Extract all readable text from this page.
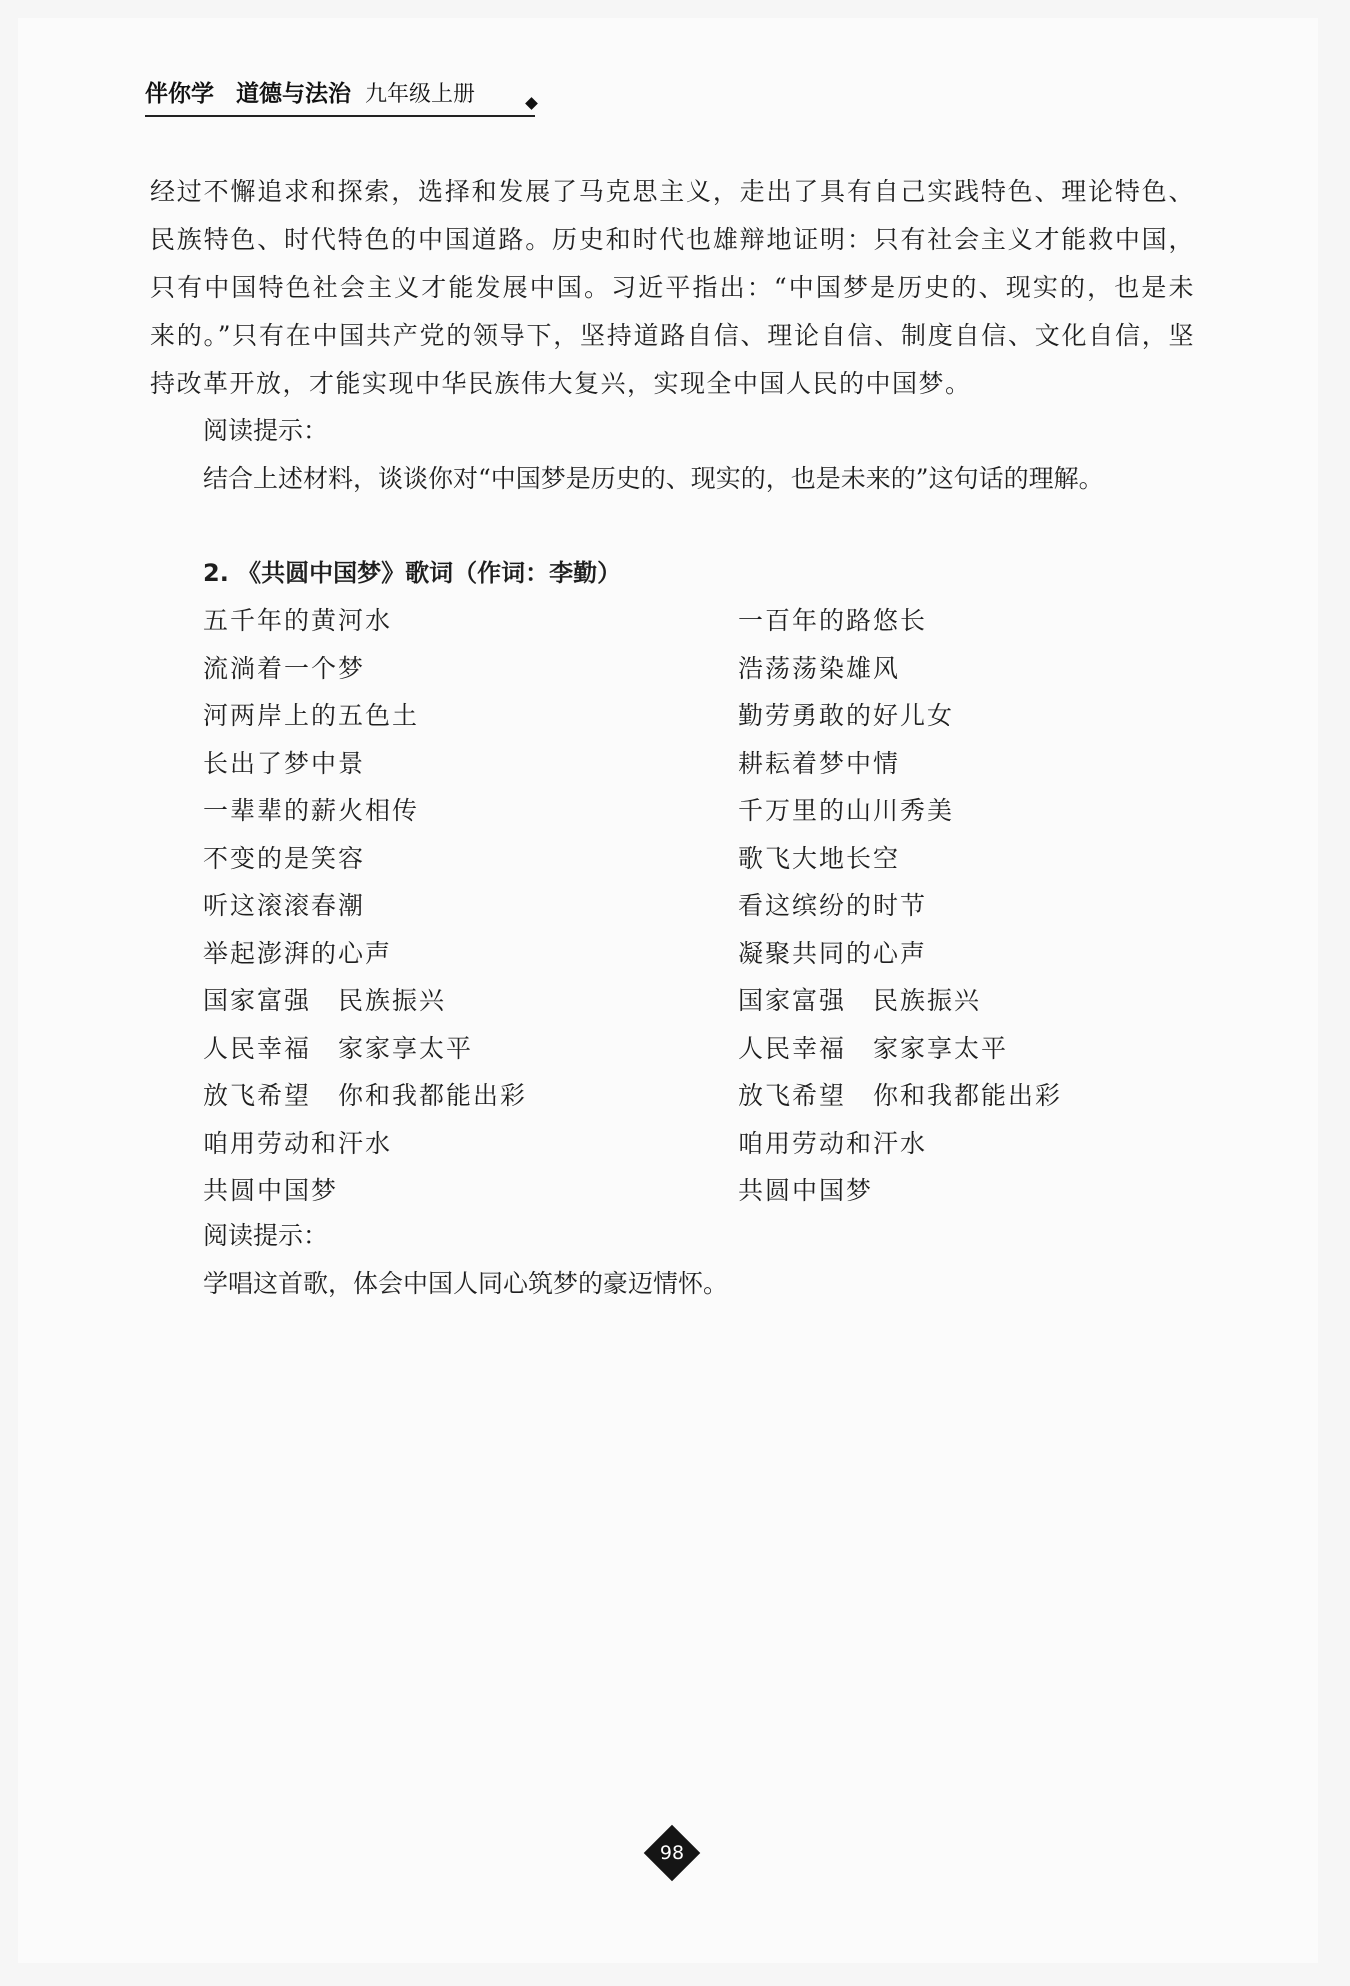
伴你学 道德与法治 九年级上册
经过不懈追求和探索，选择和发展了马克思主义，走出了具有自己实践特色、理论特色、民族特色、时代特色的中国道路。历史和时代也雄辩地证明：只有社会主义才能救中国，只有中国特色社会主义才能发展中国。习近平指出：“中国梦是历史的、现实的，也是未来的。”只有在中国共产党的领导下，坚持道路自信、理论自信、制度自信、文化自信，坚持改革开放，才能实现中华民族伟大复兴，实现全中国人民的中国梦。
阅读提示：
结合上述材料，谈谈你对“中国梦是历史的、现实的，也是未来的”这句话的理解。
2. 《共圆中国梦》歌词（作词：李勤）
五千年的黄河水
流淌着一个梦
河两岸上的五色土
长出了梦中景
一辈辈的薪火相传
不变的是笑容
听这滚滚春潮
举起澎湃的心声
国家富强　民族振兴
人民幸福　家家享太平
放飞希望　你和我都能出彩
咱用劳动和汗水
共圆中国梦
一百年的路悠长
浩荡荡染雄风
勤劳勇敢的好儿女
耕耘着梦中情
千万里的山川秀美
歌飞大地长空
看这缤纷的时节
凝聚共同的心声
国家富强　民族振兴
人民幸福　家家享太平
放飞希望　你和我都能出彩
咱用劳动和汗水
共圆中国梦
阅读提示：
学唱这首歌，体会中国人同心筑梦的豪迈情怀。
98
